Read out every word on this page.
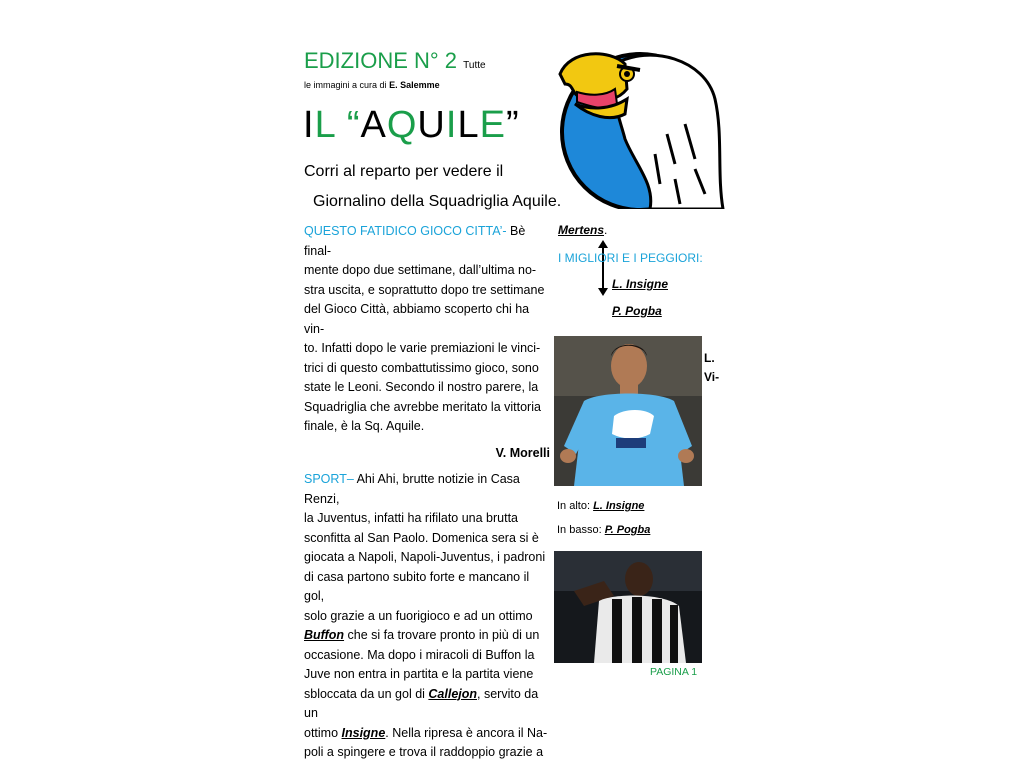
EDIZIONE N° 2 Tutte
le immagini a cura di E. Salemme
IL “AQUILE”
Corri al reparto per vedere il
Giornalino della Squadriglia Aquile.

QUESTO FATIDICO GIOCO CITTA’- Bè final-

mente dopo due settimane, dall’ultima no-

stra uscita, e soprattutto dopo tre settimane

del Gioco Città, abbiamo scoperto chi ha vin-

to. Infatti dopo le varie premiazioni le vinci-

trici di questo combattutissimo gioco, sono

state le Leoni. Secondo il nostro parere, la

Squadriglia che avrebbe meritato la vittoria

finale, è la Sq. Aquile.

V. Morelli

SPORT– Ahi Ahi, brutte notizie in Casa Renzi,

la Juventus, infatti ha rifilato una brutta

sconfitta al San Paolo. Domenica sera si è

giocata a Napoli, Napoli-Juventus, i padroni

di casa partono subito forte e mancano il gol,

solo grazie a un fuorigioco e ad un ottimo

Buffon che si fa trovare pronto in più di un

occasione. Ma dopo i miracoli di Buffon la

Juve non entra in partita e la partita viene

sbloccata da un gol di Callejon, servito da un

ottimo Insigne. Nella ripresa è ancora il Na-

poli a spingere e trova il raddoppio grazie a

Mertens.
I MIGLIORI E I PEGGIORI:
L. Insigne
P. Pogba
L.
Vi-
In alto: L. Insigne
In basso: P. Pogba
PAGINA 1
